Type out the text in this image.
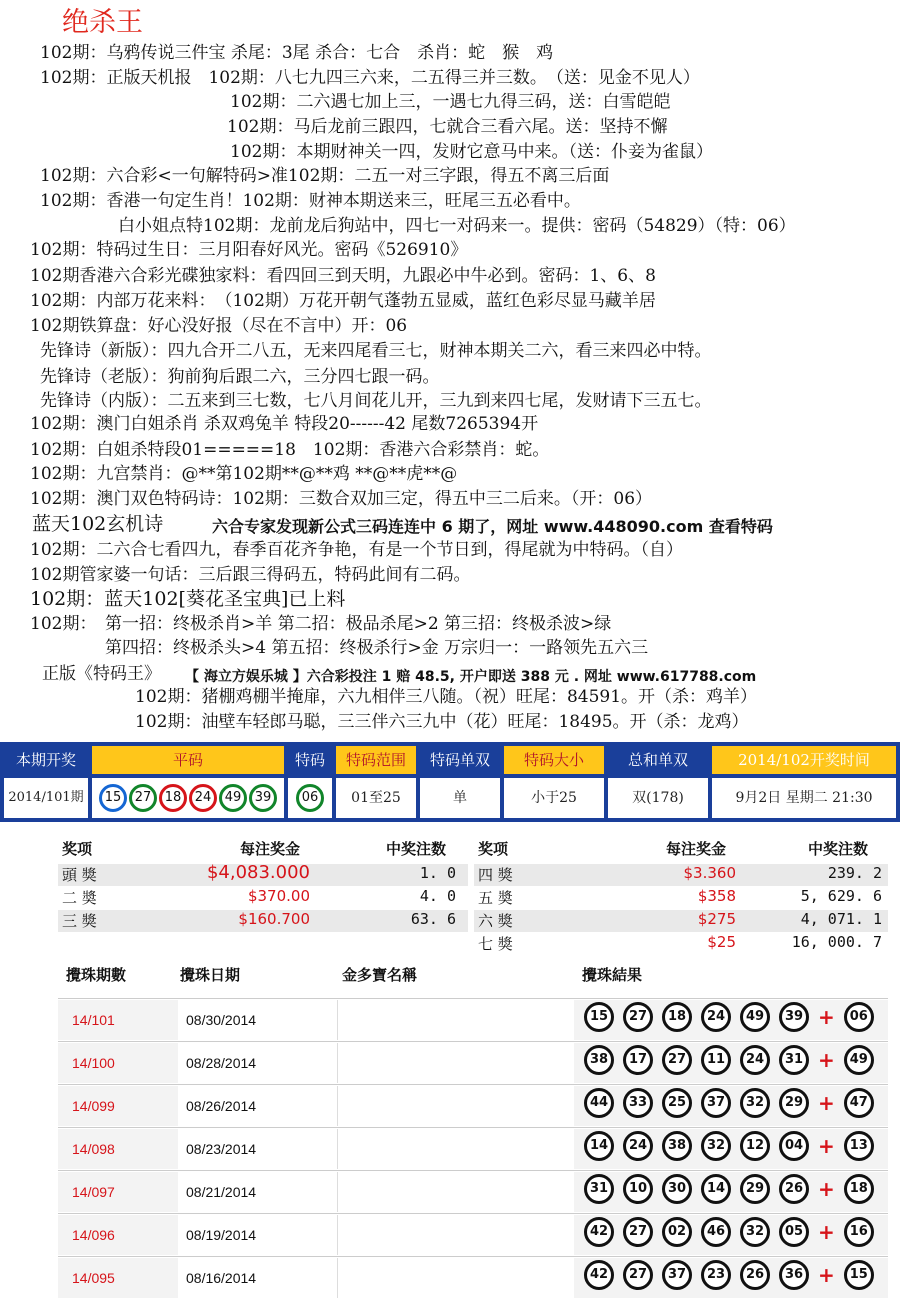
绝杀王
102期：乌鸦传说三件宝 杀尾：3尾 杀合：七合　杀肖：蛇　猴　鸡
102期：正版天机报　102期：八七九四三六来，二五得三并三数。　（送：见金不见人）
102期：二六遇七加上三，一遇七九得三码，送：白雪皑皑
102期：马后龙前三跟四，七就合三看六尾。送：坚持不懈
102期：本期财神关一四，发财它意马中来。（送：仆妾为雀鼠）
102期：六合彩<一句解特码>准102期：二五一对三字跟，得五不离三后面
102期：香港一句定生肖！102期：财神本期送来三，旺尾三五必看中。
白小姐点特102期：龙前龙后狗站中，四七一对码来一。提供：密码（54829）（特：06）
102期：特码过生日：三月阳春好风光。密码《526910》
102期香港六合彩光碟独家料：看四回三到天明，九跟必中牛必到。密码：1、6、8
102期：内部万花来料：　（102期）万花开朝气蓬勃五显威，蓝红色彩尽显马藏羊居
102期铁算盘：好心没好报（尽在不言中）开：06
先锋诗（新版）：四九合开二八五，无来四尾看三七，财神本期关二六，看三来四必中特。
先锋诗（老版）：狗前狗后跟二六，三分四七跟一码。
先锋诗（内版）：二五来到三七数，七八月间花儿开，三九到来四七尾，发财请下三五七。
102期：澳门白姐杀肖 杀双鸡兔羊 特段20------42 尾数7265394开
102期：白姐杀特段01=====18　102期：香港六合彩禁肖：蛇。
102期：九宫禁肖：@**第102期**@**鸡 **@**虎**@
102期：澳门双色特码诗：102期：三数合双加三定，得五中三二后来。（开：06）
蓝天102玄机诗	六合专家发现新公式三码连连中 6 期了，网址 www.448090.com 查看特码
102期：二六合七看四九，春季百花齐争艳，有是一个节日到，得尾就为中特码。（自）
102期管家婆一句话：三后跟三得码五，特码此间有二码。
102期：蓝天102[葵花圣宝典]已上料
102期：　第一招：终极杀肖>羊 第二招：极品杀尾>2 第三招：终极杀波>绿
第四招：终极杀头>4 第五招：终极杀行>金 万宗归一：一路领先五六三
正版《特码王》 【 海立方娱乐城 】六合彩投注 1 赔 48.5, 开户即送 388 元 . 网址 www.617788.com
102期：猪棚鸡棚半掩扉，六九相伴三八随。（祝）旺尾：84591。开（杀：鸡羊）
102期：油壁车轻郎马聪，三三伴六三九中（花）旺尾：18495。开（杀：龙鸡）
本期开奖	平码	特码	特码范围	特码单双	特码大小	总和单双	2014/102开奖时间
2014/101期	15 27 18 24 49 39	06	01至25	单	小于25	双(178)	9月2日 星期二 21:30
奖项	每注奖金	中奖注数 奖项	每注奖金	中奖注数
頭 獎	$4,083.000	1. 0
二 奬	$370.00	4. 0
三 獎	$160.700	63. 6
四 獎	$3.360	239. 2
五 奬	$358	5, 629. 6
六 獎	$275	4, 071. 1
七 獎	$25	16, 000. 7
攪珠期數	攪珠日期	金多寶名稱	攪珠結果
14/101	08/30/2014	15 27 18 24 49 39 + 06
14/100	08/28/2014	38 17 27 11 24 31 + 49
14/099	08/26/2014	44 33 25 37 32 29 + 47
14/098	08/23/2014	14 24 38 32 12 04 + 13
14/097	08/21/2014	31 10 30 14 29 26 + 18
14/096	08/19/2014	42 27 02 46 32 05 + 16
14/095	08/16/2014	42 27 37 23 26 36 + 15
